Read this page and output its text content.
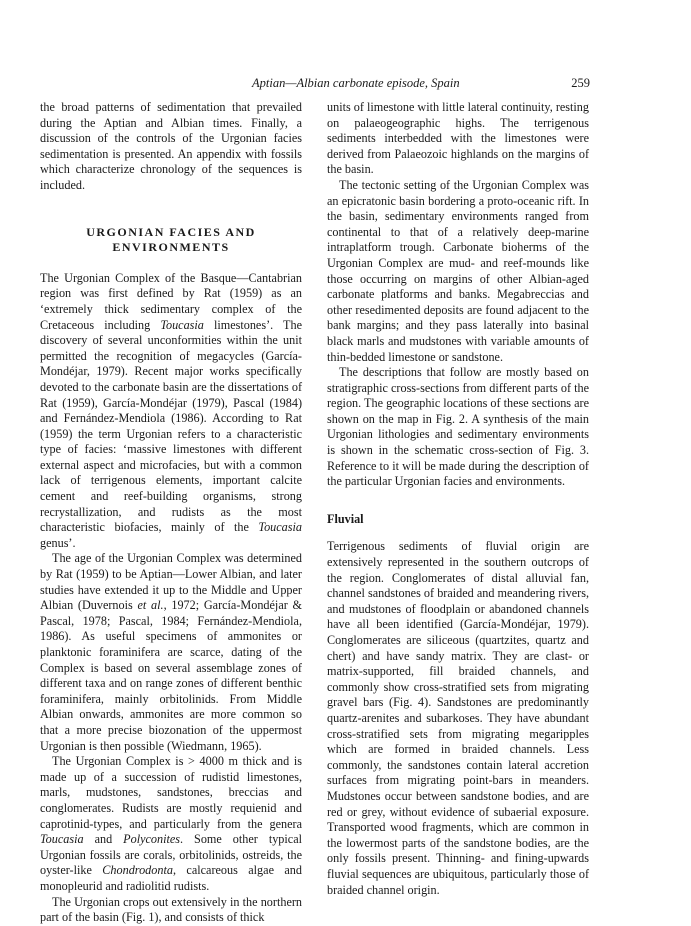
Aptian—Albian carbonate episode, Spain	259

the broad patterns of sedimentation that prevailed during the Aptian and Albian times. Finally, a discussion of the controls of the Urgonian facies sedimentation is presented. An appendix with fossils which characterize chronology of the sequences is included.

URGONIAN FACIES AND
ENVIRONMENTS

The Urgonian Complex of the Basque—Cantabrian region was first defined by Rat (1959) as an ‘extremely thick sedimentary complex of the Cretaceous including Toucasia limestones’. The discovery of several unconformities within the unit permitted the recognition of megacycles (García-Mondéjar, 1979). Recent major works specifically devoted to the carbonate basin are the dissertations of Rat (1959), García-Mondéjar (1979), Pascal (1984) and Fernández-Mendiola (1986). According to Rat (1959) the term Urgonian refers to a characteristic type of facies: ‘massive limestones with different external aspect and microfacies, but with a common lack of terrigenous elements, important calcite cement and reef-building organisms, strong recrystallization, and rudists as the most characteristic biofacies, mainly of the Toucasia genus’.

The age of the Urgonian Complex was determined by Rat (1959) to be Aptian—Lower Albian, and later studies have extended it up to the Middle and Upper Albian (Duvernois et al., 1972; García-Mondéjar & Pascal, 1978; Pascal, 1984; Fernández-Mendiola, 1986). As useful specimens of ammonites or planktonic foraminifera are scarce, dating of the Complex is based on several assemblage zones of different taxa and on range zones of different benthic foraminifera, mainly orbitolinids. From Middle Albian onwards, ammonites are more common so that a more precise biozonation of the uppermost Urgonian is then possible (Wiedmann, 1965).

The Urgonian Complex is > 4000 m thick and is made up of a succession of rudistid limestones, marls, mudstones, sandstones, breccias and conglomerates. Rudists are mostly requienid and caprotinid-types, and particularly from the genera Toucasia and Polyconites. Some other typical Urgonian fossils are corals, orbitolinids, ostreids, the oyster-like Chondrodonta, calcareous algae and monopleurid and radiolitid rudists.

The Urgonian crops out extensively in the northern part of the basin (Fig. 1), and consists of thick

units of limestone with little lateral continuity, resting on palaeogeographic highs. The terrigenous sediments interbedded with the limestones were derived from Palaeozoic highlands on the margins of the basin.

The tectonic setting of the Urgonian Complex was an epicratonic basin bordering a proto-oceanic rift. In the basin, sedimentary environments ranged from continental to that of a relatively deep-marine intraplatform trough. Carbonate bioherms of the Urgonian Complex are mud- and reef-mounds like those occurring on margins of other Albian-aged carbonate platforms and banks. Megabreccias and other resedimented deposits are found adjacent to the bank margins; and they pass laterally into basinal black marls and mudstones with variable amounts of thin-bedded limestone or sandstone.

The descriptions that follow are mostly based on stratigraphic cross-sections from different parts of the region. The geographic locations of these sections are shown on the map in Fig. 2. A synthesis of the main Urgonian lithologies and sedimentary environments is shown in the schematic cross-section of Fig. 3. Reference to it will be made during the description of the particular Urgonian facies and environments.

Fluvial

Terrigenous sediments of fluvial origin are extensively represented in the southern outcrops of the region. Conglomerates of distal alluvial fan, channel sandstones of braided and meandering rivers, and mudstones of floodplain or abandoned channels have all been identified (García-Mondéjar, 1979). Conglomerates are siliceous (quartzites, quartz and chert) and have sandy matrix. They are clast- or matrix-supported, fill braided channels, and commonly show cross-stratified sets from migrating gravel bars (Fig. 4). Sandstones are predominantly quartz-arenites and subarkoses. They have abundant cross-stratified sets from migrating megaripples which are formed in braided channels. Less commonly, the sandstones contain lateral accretion surfaces from migrating point-bars in meanders. Mudstones occur between sandstone bodies, and are red or grey, without evidence of subaerial exposure. Transported wood fragments, which are common in the lowermost parts of the sandstone bodies, are the only fossils present. Thinning- and fining-upwards fluvial sequences are ubiquitous, particularly those of braided channel origin.
